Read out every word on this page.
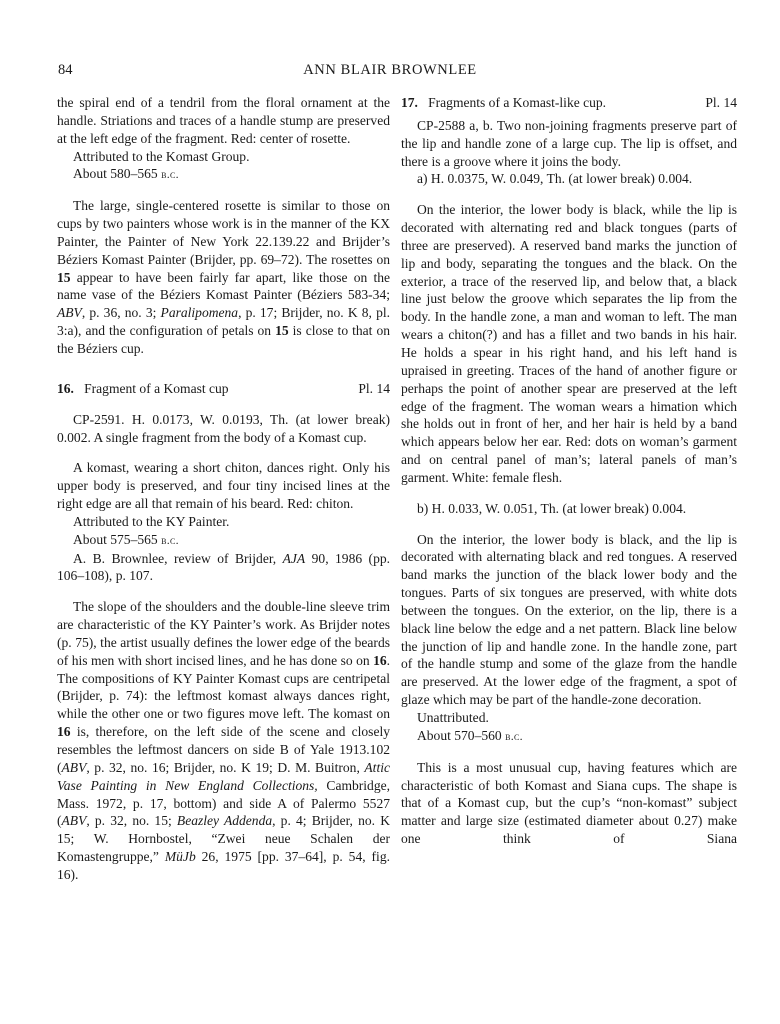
84	ANN BLAIR BROWNLEE

the spiral end of a tendril from the floral ornament at the handle. Striations and traces of a handle stump are preserved at the left edge of the fragment. Red: center of rosette.

Attributed to the Komast Group.

About 580–565 b.c.

The large, single-centered rosette is similar to those on cups by two painters whose work is in the manner of the KX Painter, the Painter of New York 22.139.22 and Brijder’s Béziers Komast Painter (Brijder, pp. 69–72). The rosettes on 15 appear to have been fairly far apart, like those on the name vase of the Béziers Komast Painter (Béziers 583-34; ABV, p. 36, no. 3; Paralipomena, p. 17; Brijder, no. K 8, pl. 3:a), and the configuration of petals on 15 is close to that on the Béziers cup.

16. Fragment of a Komast cup	Pl. 14

CP-2591. H. 0.0173, W. 0.0193, Th. (at lower break) 0.002. A single fragment from the body of a Komast cup.

A komast, wearing a short chiton, dances right. Only his upper body is preserved, and four tiny incised lines at the right edge are all that remain of his beard. Red: chiton.

Attributed to the KY Painter.

About 575–565 b.c.

A. B. Brownlee, review of Brijder, AJA 90, 1986 (pp. 106–108), p. 107.

The slope of the shoulders and the double-line sleeve trim are characteristic of the KY Painter’s work. As Brijder notes (p. 75), the artist usually defines the lower edge of the beards of his men with short incised lines, and he has done so on 16. The compositions of KY Painter Komast cups are centripetal (Brijder, p. 74): the leftmost komast always dances right, while the other one or two figures move left. The komast on 16 is, therefore, on the left side of the scene and closely resembles the leftmost dancers on side B of Yale 1913.102 (ABV, p. 32, no. 16; Brijder, no. K 19; D. M. Buitron, Attic Vase Painting in New England Collections, Cambridge, Mass. 1972, p. 17, bottom) and side A of Palermo 5527 (ABV, p. 32, no. 15; Beazley Addenda, p. 4; Brijder, no. K 15; W. Hornbostel, “Zwei neue Schalen der Komastengruppe,” MüJb 26, 1975 [pp. 37–64], p. 54, fig. 16).

17. Fragments of a Komast-like cup.	Pl. 14

CP-2588 a, b. Two non-joining fragments preserve part of the lip and handle zone of a large cup. The lip is offset, and there is a groove where it joins the body.

a) H. 0.0375, W. 0.049, Th. (at lower break) 0.004.

On the interior, the lower body is black, while the lip is decorated with alternating red and black tongues (parts of three are preserved). A reserved band marks the junction of lip and body, separating the tongues and the black. On the exterior, a trace of the reserved lip, and below that, a black line just below the groove which separates the lip from the body. In the handle zone, a man and woman to left. The man wears a chiton(?) and has a fillet and two bands in his hair. He holds a spear in his right hand, and his left hand is upraised in greeting. Traces of the hand of another figure or perhaps the point of another spear are preserved at the left edge of the fragment. The woman wears a himation which she holds out in front of her, and her hair is held by a band which appears below her ear. Red: dots on woman’s garment and on central panel of man’s; lateral panels of man’s garment. White: female flesh.

b) H. 0.033, W. 0.051, Th. (at lower break) 0.004.

On the interior, the lower body is black, and the lip is decorated with alternating black and red tongues. A reserved band marks the junction of the black lower body and the tongues. Parts of six tongues are preserved, with white dots between the tongues. On the exterior, on the lip, there is a black line below the edge and a net pattern. Black line below the junction of lip and handle zone. In the handle zone, part of the handle stump and some of the glaze from the handle are preserved. At the lower edge of the fragment, a spot of glaze which may be part of the handle-zone decoration.

Unattributed.

About 570–560 b.c.

This is a most unusual cup, having features which are characteristic of both Komast and Siana cups. The shape is that of a Komast cup, but the cup’s “non-komast” subject matter and large size (estimated diameter about 0.27) make one think of Siana
